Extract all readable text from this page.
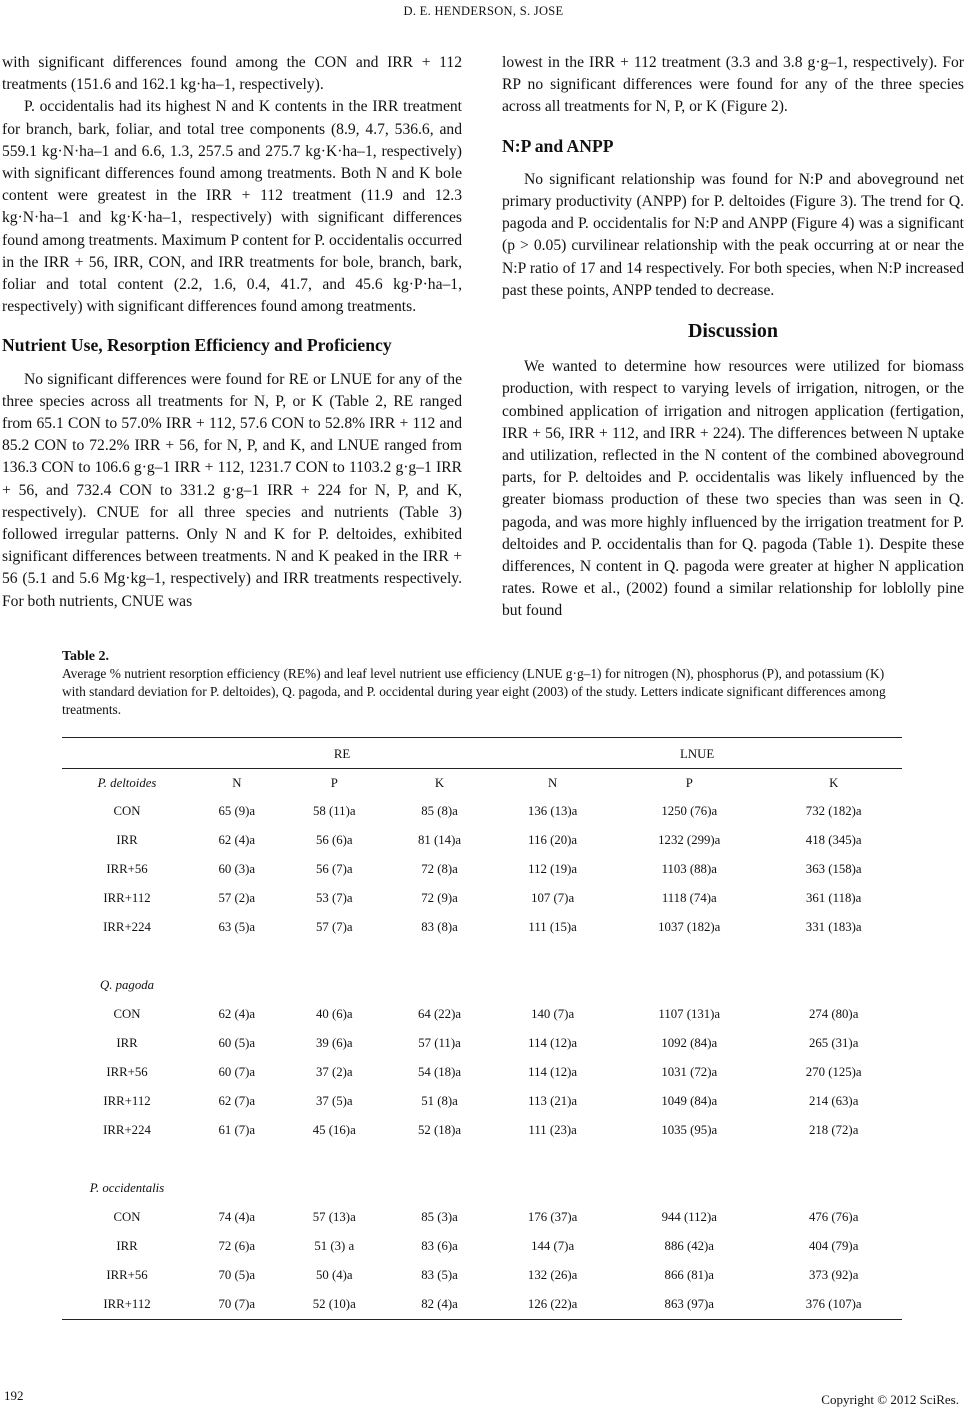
D. E. HENDERSON, S. JOSE

with significant differences found among the CON and IRR + 112 treatments (151.6 and 162.1 kg·ha–1, respectively).

P. occidentalis had its highest N and K contents in the IRR treatment for branch, bark, foliar, and total tree components (8.9, 4.7, 536.6, and 559.1 kg·N·ha–1 and 6.6, 1.3, 257.5 and 275.7 kg·K·ha–1, respectively) with significant differences found among treatments. Both N and K bole content were greatest in the IRR + 112 treatment (11.9 and 12.3 kg·N·ha–1 and kg·K·ha–1, respectively) with significant differences found among treatments. Maximum P content for P. occidentalis occurred in the IRR + 56, IRR, CON, and IRR treatments for bole, branch, bark, foliar and total content (2.2, 1.6, 0.4, 41.7, and 45.6 kg·P·ha–1, respectively) with significant differences found among treatments.

Nutrient Use, Resorption Efficiency and Proficiency

No significant differences were found for RE or LNUE for any of the three species across all treatments for N, P, or K (Table 2, RE ranged from 65.1 CON to 57.0% IRR + 112, 57.6 CON to 52.8% IRR + 112 and 85.2 CON to 72.2% IRR + 56, for N, P, and K, and LNUE ranged from 136.3 CON to 106.6 g·g–1 IRR + 112, 1231.7 CON to 1103.2 g·g–1 IRR + 56, and 732.4 CON to 331.2 g·g–1 IRR + 224 for N, P, and K, respectively). CNUE for all three species and nutrients (Table 3) followed irregular patterns. Only N and K for P. deltoides, exhibited significant differences between treatments. N and K peaked in the IRR + 56 (5.1 and 5.6 Mg·kg–1, respectively) and IRR treatments respectively. For both nutrients, CNUE was

lowest in the IRR + 112 treatment (3.3 and 3.8 g·g–1, respectively). For RP no significant differences were found for any of the three species across all treatments for N, P, or K (Figure 2).

N:P and ANPP

No significant relationship was found for N:P and aboveground net primary productivity (ANPP) for P. deltoides (Figure 3). The trend for Q. pagoda and P. occidentalis for N:P and ANPP (Figure 4) was a significant (p > 0.05) curvilinear relationship with the peak occurring at or near the N:P ratio of 17 and 14 respectively. For both species, when N:P increased past these points, ANPP tended to decrease.

Discussion

We wanted to determine how resources were utilized for biomass production, with respect to varying levels of irrigation, nitrogen, or the combined application of irrigation and nitrogen application (fertigation, IRR + 56, IRR + 112, and IRR + 224). The differences between N uptake and utilization, reflected in the N content of the combined aboveground parts, for P. deltoides and P. occidentalis was likely influenced by the greater biomass production of these two species than was seen in Q. pagoda, and was more highly influenced by the irrigation treatment for P. deltoides and P. occidentalis than for Q. pagoda (Table 1). Despite these differences, N content in Q. pagoda were greater at higher N application rates. Rowe et al., (2002) found a similar relationship for loblolly pine but found

Table 2.

Average % nutrient resorption efficiency (RE%) and leaf level nutrient use efficiency (LNUE g·g–1) for nitrogen (N), phosphorus (P), and potassium (K) with standard deviation for P. deltoides), Q. pagoda, and P. occidental during year eight (2003) of the study. Letters indicate significant differences among treatments.

	RE			LNUE		
P. deltoides	N	P	K	N	P	K
CON	65 (9)a	58 (11)a	85 (8)a	136 (13)a	1250 (76)a	732 (182)a
IRR	62 (4)a	56 (6)a	81 (14)a	116 (20)a	1232 (299)a	418 (345)a
IRR+56	60 (3)a	56 (7)a	72 (8)a	112 (19)a	1103 (88)a	363 (158)a
IRR+112	57 (2)a	53 (7)a	72 (9)a	107 (7)a	1118 (74)a	361 (118)a
IRR+224	63 (5)a	57 (7)a	83 (8)a	111 (15)a	1037 (182)a	331 (183)a

Q. pagoda						
CON	62 (4)a	40 (6)a	64 (22)a	140 (7)a	1107 (131)a	274 (80)a
IRR	60 (5)a	39 (6)a	57 (11)a	114 (12)a	1092 (84)a	265 (31)a
IRR+56	60 (7)a	37 (2)a	54 (18)a	114 (12)a	1031 (72)a	270 (125)a
IRR+112	62 (7)a	37 (5)a	51 (8)a	113 (21)a	1049 (84)a	214 (63)a
IRR+224	61 (7)a	45 (16)a	52 (18)a	111 (23)a	1035 (95)a	218 (72)a

P. occidentalis						
CON	74 (4)a	57 (13)a	85 (3)a	176 (37)a	944 (112)a	476 (76)a
IRR	72 (6)a	51 (3) a	83 (6)a	144 (7)a	886 (42)a	404 (79)a
IRR+56	70 (5)a	50 (4)a	83 (5)a	132 (26)a	866 (81)a	373 (92)a
IRR+112	70 (7)a	52 (10)a	82 (4)a	126 (22)a	863 (97)a	376 (107)a
192	Copyright © 2012 SciRes.
